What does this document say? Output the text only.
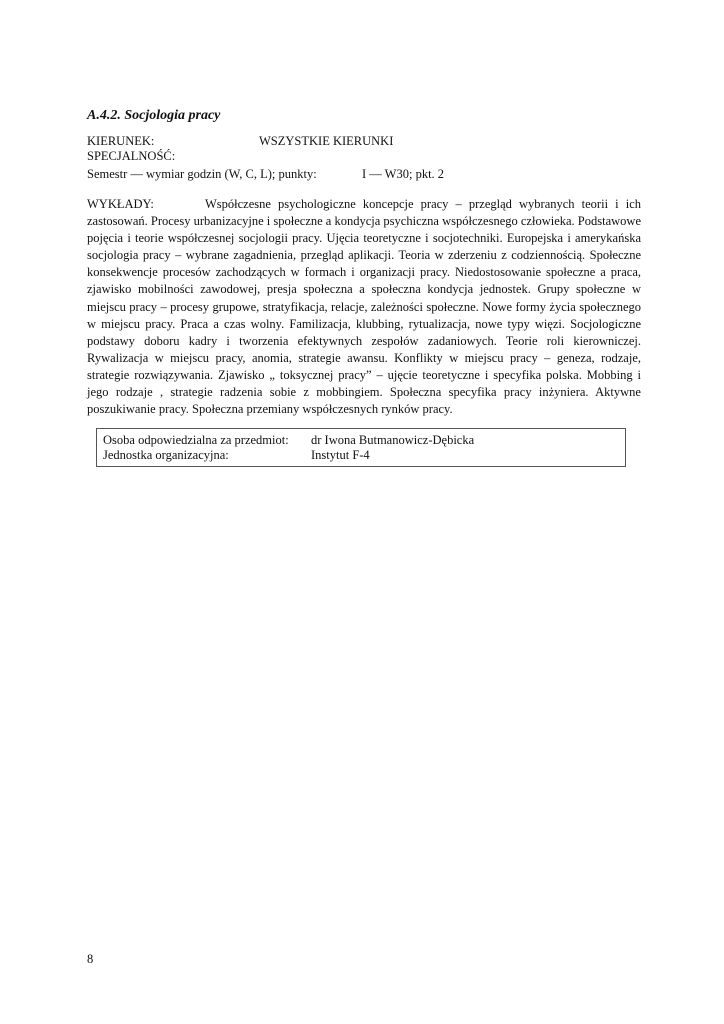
A.4.2. Socjologia pracy
KIERUNEK:	WSZYSTKIE KIERUNKI
SPECJALNOŚĆ:
Semestr — wymiar godzin (W, C, L); punkty:	I — W30; pkt. 2

WYKŁADY:	Współczesne psychologiczne koncepcje pracy – przegląd wybranych teorii i ich zastosowań. Procesy urbanizacyjne i społeczne a kondycja psychiczna współczesnego człowieka. Podstawowe pojęcia i teorie współczesnej socjologii pracy. Ujęcia teoretyczne i socjotechniki. Europejska i amerykańska socjologia pracy – wybrane zagadnienia, przegląd aplikacji. Teoria w zderzeniu z codziennością. Społeczne konsekwencje procesów zachodzących w formach i organizacji pracy. Niedostosowanie społeczne a praca, zjawisko mobilności zawodowej, presja społeczna a społeczna kondycja jednostek. Grupy społeczne w miejscu pracy – procesy grupowe, stratyfikacja, relacje, zależności społeczne. Nowe formy życia społecznego w miejscu pracy. Praca a czas wolny. Familizacja, klubbing, rytualizacja, nowe typy więzi. Socjologiczne podstawy doboru kadry i tworzenia efektywnych zespołów zadaniowych. Teorie roli kierowniczej. Rywalizacja w miejscu pracy, anomia, strategie awansu. Konflikty w miejscu pracy – geneza, rodzaje, strategie rozwiązywania. Zjawisko „ toksycznej pracy” – ujęcie teoretyczne i specyfika polska. Mobbing i jego rodzaje , strategie radzenia sobie z mobbingiem. Społeczna specyfika pracy inżyniera. Aktywne poszukiwanie pracy. Społeczna przemiany współczesnych rynków pracy.

Osoba odpowiedzialna za przedmiot: dr Iwona Butmanowicz-Dębicka
Jednostka organizacyjna:	Instytut F-4
8
